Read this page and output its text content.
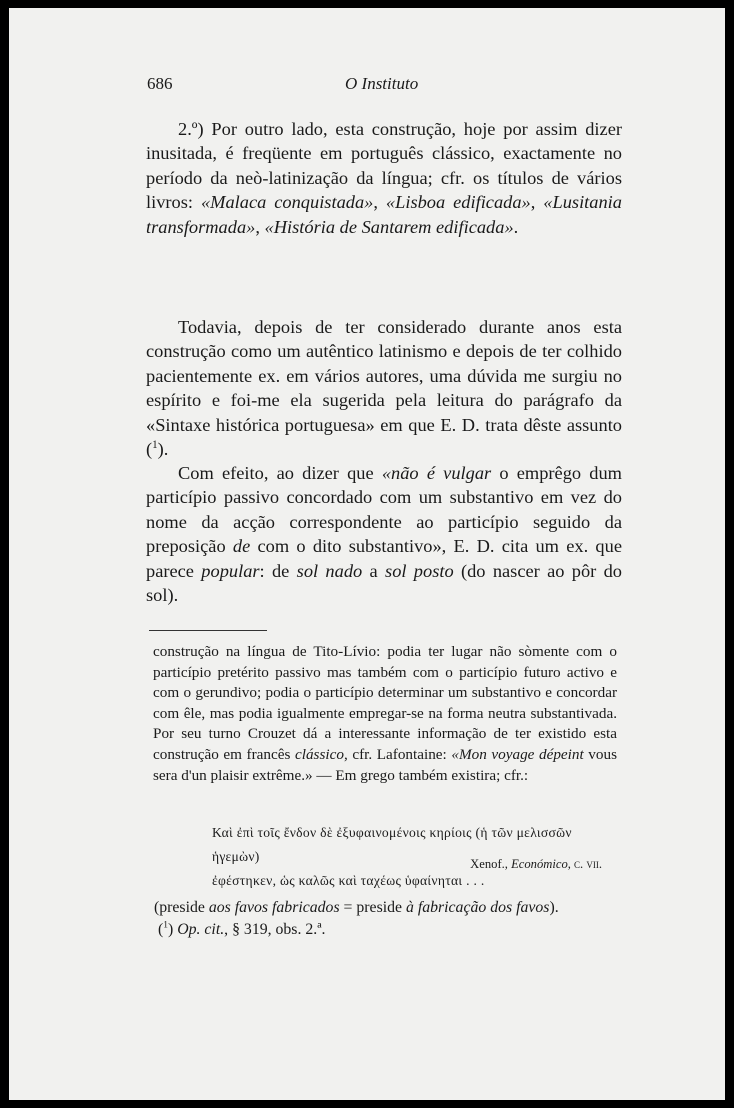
686	O Instituto

2.º) Por outro lado, esta construção, hoje por assim dizer inusitada, é freqüente em português clássico, exactamente no período da neò-latinização da língua; cfr. os títulos de vários livros: «Malaca conquistada», «Lisboa edificada», «Lusitania transformada», «História de Santarem edificada».

Todavia, depois de ter considerado durante anos esta construção como um autêntico latinismo e depois de ter colhido pacientemente ex. em vários autores, uma dúvida me surgiu no espírito e foi-me ela sugerida pela leitura do parágrafo da «Sintaxe histórica portuguesa» em que E. D. trata dêste assunto ($^1$).

Com efeito, ao dizer que «não é vulgar o emprêgo dum particípio passivo concordado com um substantivo em vez do nome da acção correspondente ao particípio seguido da preposição de com o dito substantivo», E. D. cita um ex. que parece popular: de sol nado a sol posto (do nascer ao pôr do sol).

construção na língua de Tito-Lívio: podia ter lugar não sòmente com o particípio pretérito passivo mas também com o particípio futuro activo e com o gerundivo; podia o particípio determinar um substantivo e concordar com êle, mas podia igualmente empregar-se na forma neutra substantivada. Por seu turno Crouzet dá a interessante informação de ter existido esta construção em francês clássico, cfr. Lafontaine: «Mon voyage dépeint vous sera d'un plaisir extrême.» — Em grego também existira; cfr.:

Καὶ ἐπὶ τοῖς ἔνδον δὲ ἐξυφαινομένοις κηρίοις (ἡ τῶν μελισσῶν ἡγεμὼν)

ἐφέστηκεν, ὡς καλῶς καὶ ταχέως ὑφαίνηται . . .

Xenof., Económico, c. vii.

(preside aos favos fabricados = preside à fabricação dos favos).

($^1$) Op. cit., § 319, obs. 2.ª.
